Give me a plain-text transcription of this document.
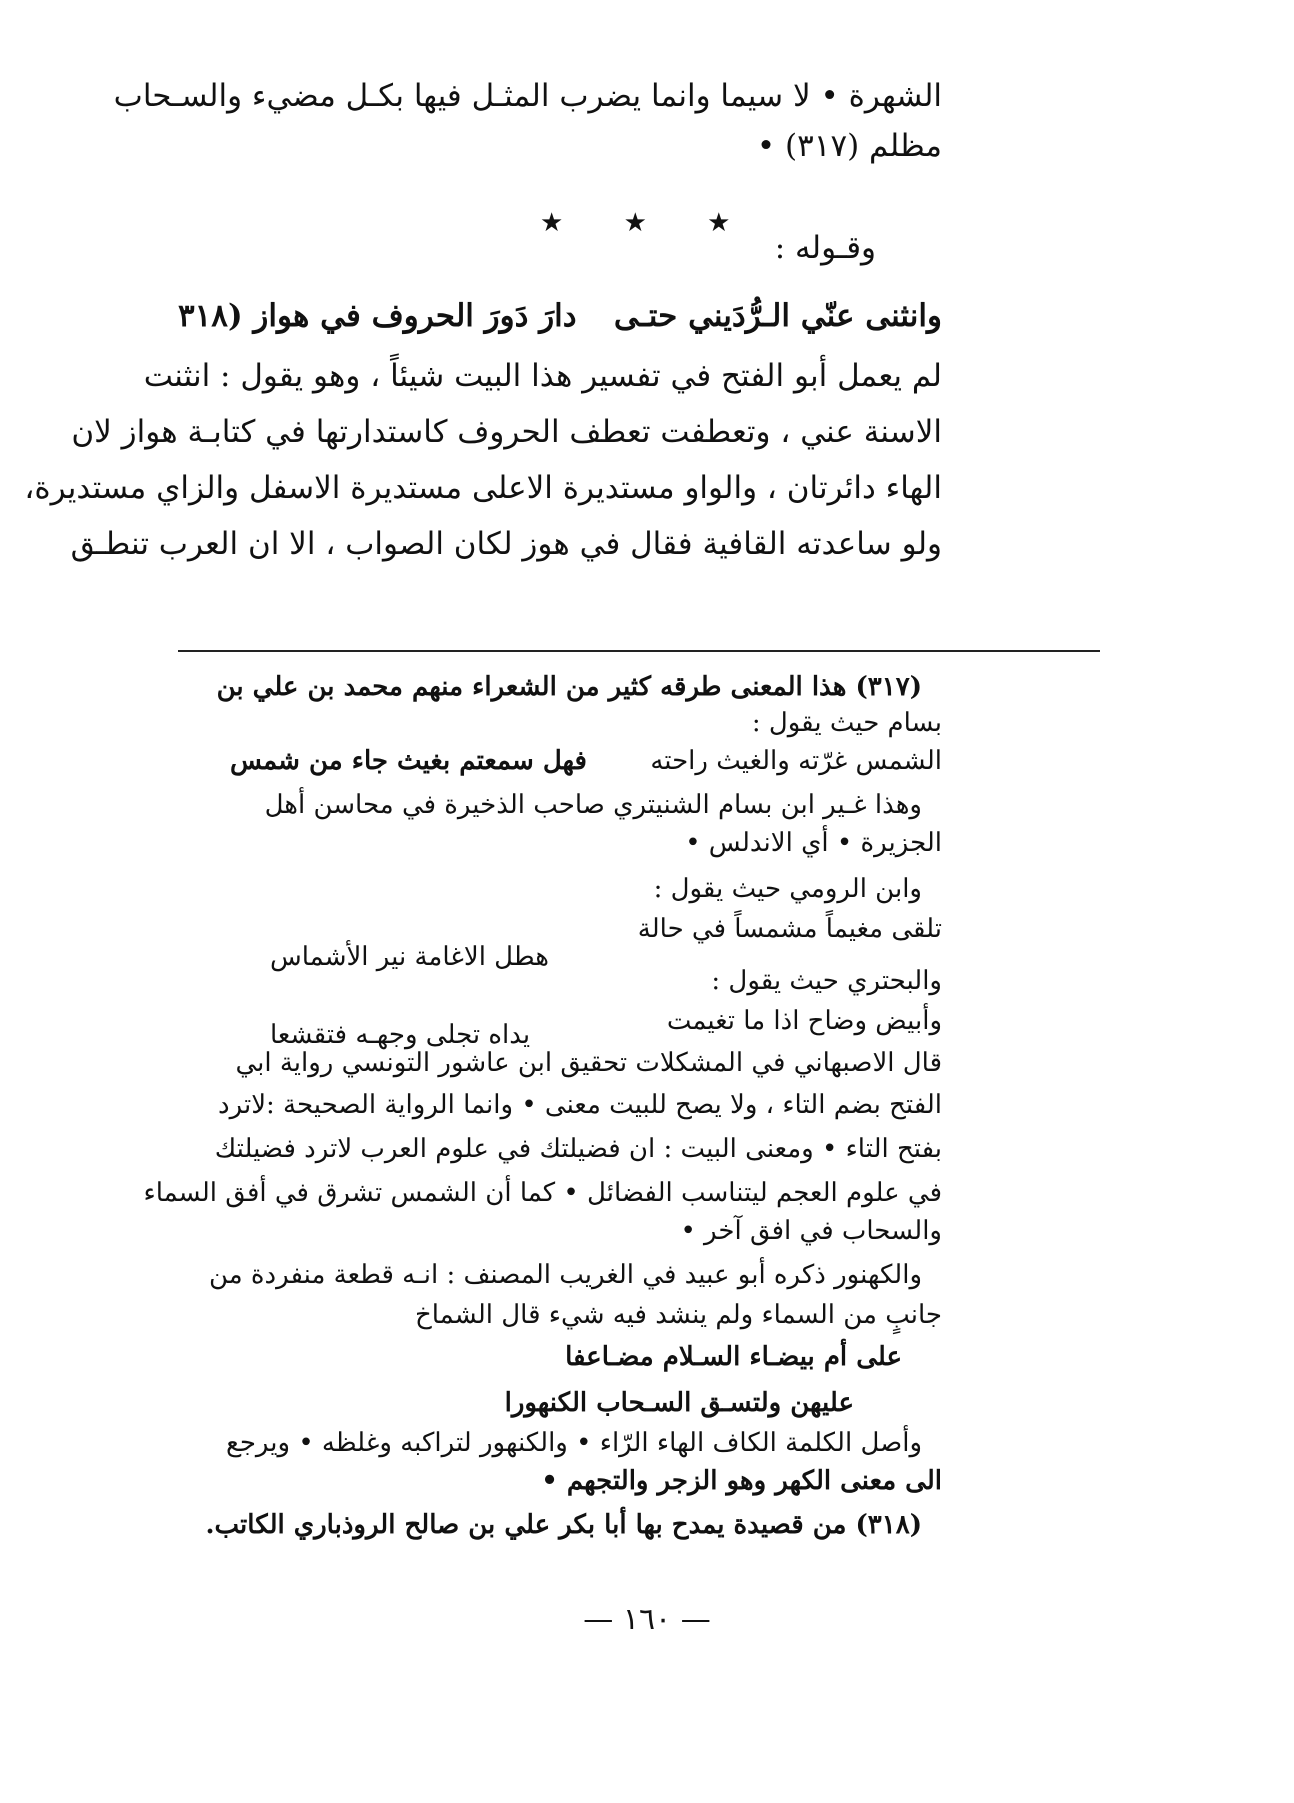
الشهرة • لا سيما وانما يضرب المثـل فيها بكـل مضيء والسـحاب
مظلم (٣١٧) •
★ ★ ★
وقـوله :
وانثنى عنّي الـرُّدَيني حتـى
دارَ دَورَ الحروف في هواز (٣١٨
لم يعمل أبو الفتح في تفسير هذا البيت شيئاً ، وهو يقول : انثنت
الاسنة عني ، وتعطفت تعطف الحروف كاستدارتها في كتابـة هواز لان
الهاء دائرتان ، والواو مستديرة الاعلى مستديرة الاسفل والزاي مستديرة،
ولو ساعدته القافية فقال في هوز لكان الصواب ، الا ان العرب تنطـق
(٣١٧) هذا المعنى طرقه كثير من الشعراء منهم محمد بن علي بن
بسام حيث يقول :
الشمس غرّته والغيث راحته
فهل سمعتم بغيث جاء من شمس
وهذا غـير ابن بسام الشنيتري صاحب الذخيرة في محاسن أهل
الجزيرة • أي الاندلس •
وابن الرومي حيث يقول :
تلقى مغيماً مشمساً في حالة
هطل الاغامة نير الأشماس
والبحتري حيث يقول :
وأبيض وضاح اذا ما تغيمت
يداه تجلى وجهـه فتقشعا
قال الاصبهاني في المشكلات تحقيق ابن عاشور التونسي رواية ابي
الفتح بضم التاء ، ولا يصح للبيت معنى • وانما الرواية الصحيحة :لاترد
بفتح التاء • ومعنى البيت : ان فضيلتك في علوم العرب لاترد فضيلتك
في علوم العجم ليتناسب الفضائل • كما أن الشمس تشرق في أفق السماء
والسحاب في افق آخر •
والكهنور ذكره أبو عبيد في الغريب المصنف : انـه قطعة منفردة من
جانبٍ من السماء ولم ينشد فيه شيء قال الشماخ
على أم بيضـاء السـلام مضـاعفا
عليهن ولتسـق السـحاب الكنهورا
وأصل الكلمة الكاف الهاء الرّاء • والكنهور لتراكبه وغلظه • ويرجع
الى معنى الكهر وهو الزجر والتجهم •
(٣١٨) من قصيدة يمدح بها أبا بكر علي بن صالح الروذباري الكاتب.
— ١٦٠ —
